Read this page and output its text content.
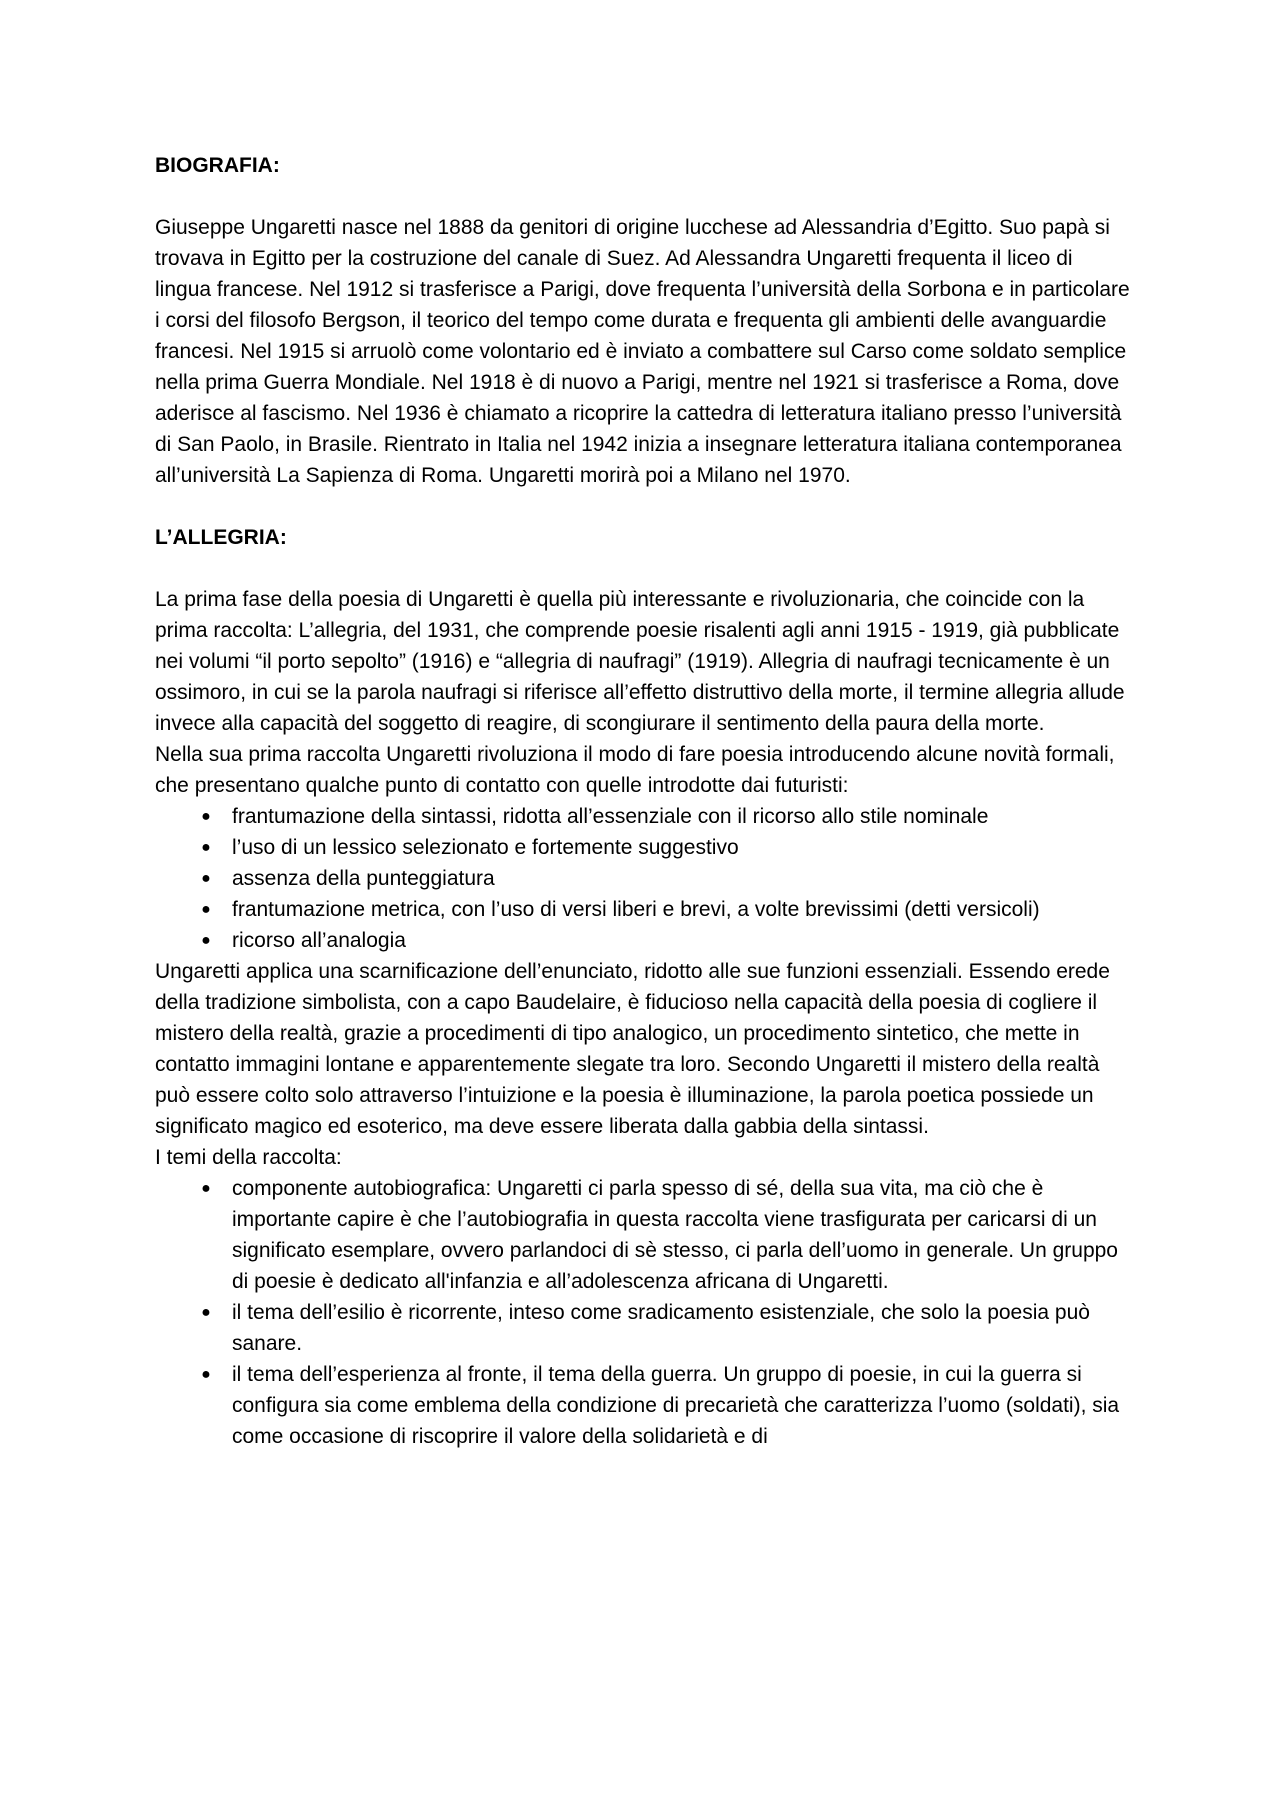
BIOGRAFIA:

Giuseppe Ungaretti nasce nel 1888 da genitori di origine lucchese ad Alessandria d’Egitto. Suo papà si trovava in Egitto per la costruzione del canale di Suez. Ad Alessandra Ungaretti frequenta il liceo di lingua francese. Nel 1912 si trasferisce a Parigi, dove frequenta l’università della Sorbona e in particolare i corsi del filosofo Bergson, il teorico del tempo come durata e frequenta gli ambienti delle avanguardie francesi. Nel 1915 si arruolò come volontario ed è inviato a combattere sul Carso come soldato semplice nella prima Guerra Mondiale. Nel 1918 è di nuovo a Parigi, mentre nel 1921 si trasferisce a Roma, dove aderisce al fascismo. Nel 1936 è chiamato a ricoprire la cattedra di letteratura italiano presso l’università di San Paolo, in Brasile. Rientrato in Italia nel 1942 inizia a insegnare letteratura italiana contemporanea all’università La Sapienza di Roma. Ungaretti morirà poi a Milano nel 1970.

L’ALLEGRIA:

La prima fase della poesia di Ungaretti è quella più interessante e rivoluzionaria, che coincide con la prima raccolta: L’allegria, del 1931, che comprende poesie risalenti agli anni 1915 - 1919, già pubblicate nei volumi “il porto sepolto” (1916) e “allegria di naufragi” (1919). Allegria di naufragi tecnicamente è un ossimoro, in cui se la parola naufragi si riferisce all’effetto distruttivo della morte, il termine allegria allude invece alla capacità del soggetto di reagire, di scongiurare il sentimento della paura della morte.

Nella sua prima raccolta Ungaretti rivoluziona il modo di fare poesia introducendo alcune novità formali, che presentano qualche punto di contatto con quelle introdotte dai futuristi:

● frantumazione della sintassi, ridotta all’essenziale con il ricorso allo stile nominale
● l’uso di un lessico selezionato e fortemente suggestivo
● assenza della punteggiatura
● frantumazione metrica, con l’uso di versi liberi e brevi, a volte brevissimi (detti versicoli)
● ricorso all’analogia

Ungaretti applica una scarnificazione dell’enunciato, ridotto alle sue funzioni essenziali. Essendo erede della tradizione simbolista, con a capo Baudelaire, è fiducioso nella capacità della poesia di cogliere il mistero della realtà, grazie a procedimenti di tipo analogico, un procedimento sintetico, che mette in contatto immagini lontane e apparentemente slegate tra loro. Secondo Ungaretti il mistero della realtà può essere colto solo attraverso l’intuizione e la poesia è illuminazione, la parola poetica possiede un significato magico ed esoterico, ma deve essere liberata dalla gabbia della sintassi.

I temi della raccolta:

● componente autobiografica: Ungaretti ci parla spesso di sé, della sua vita, ma ciò che è importante capire è che l’autobiografia in questa raccolta viene trasfigurata per caricarsi di un significato esemplare, ovvero parlandoci di sè stesso, ci parla dell’uomo in generale. Un gruppo di poesie è dedicato all'infanzia e all’adolescenza africana di Ungaretti.
● il tema dell’esilio è ricorrente, inteso come sradicamento esistenziale, che solo la poesia può sanare.
● il tema dell’esperienza al fronte, il tema della guerra. Un gruppo di poesie, in cui la guerra si configura sia come emblema della condizione di precarietà che caratterizza l’uomo (soldati), sia come occasione di riscoprire il valore della solidarietà e di
